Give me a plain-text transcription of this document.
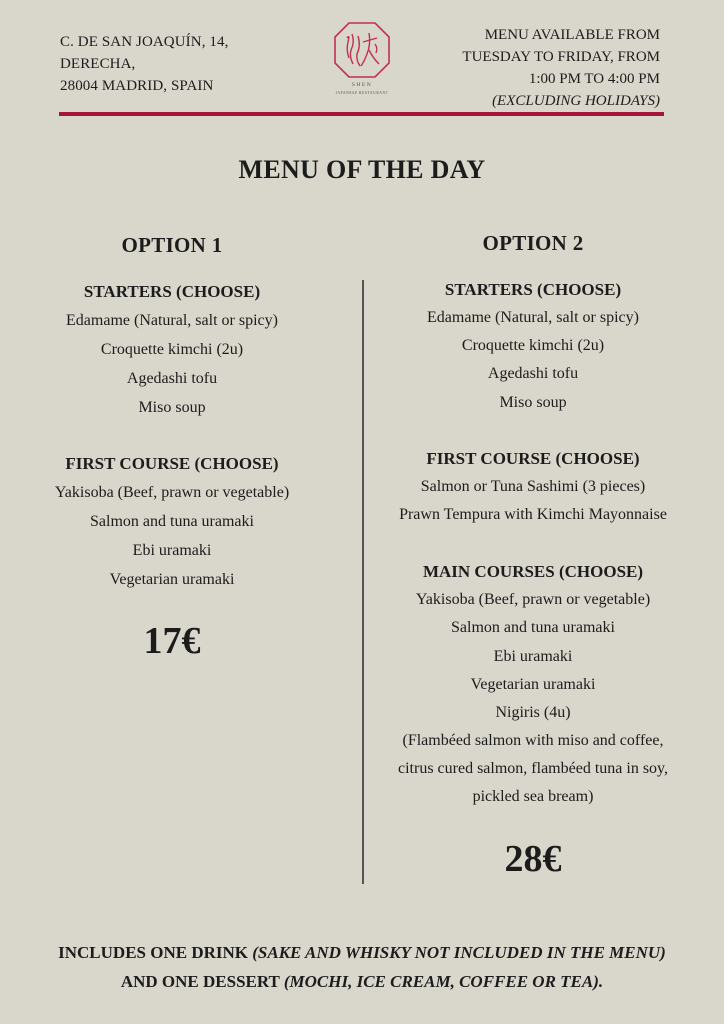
C. DE SAN JOAQUÍN, 14,
DERECHA,
28004 MADRID, SPAIN	SHEN
JAPANESE RESTAURANT
MENU AVAILABLE FROM
TUESDAY TO FRIDAY, FROM
1:00 PM TO 4:00 PM
(EXCLUDING HOLIDAYS)
MENU OF THE DAY
OPTION 1
STARTERS (CHOOSE)
Edamame (Natural, salt or spicy)
Croquette kimchi (2u)
Agedashi tofu
Miso soup
FIRST COURSE (CHOOSE)
Yakisoba (Beef, prawn or vegetable)
Salmon and tuna uramaki
Ebi uramaki
Vegetarian uramaki
17€
OPTION 2
STARTERS (CHOOSE)
Edamame (Natural, salt or spicy)
Croquette kimchi (2u)
Agedashi tofu
Miso soup
FIRST COURSE (CHOOSE)
Salmon or Tuna Sashimi (3 pieces)
Prawn Tempura with Kimchi Mayonnaise
MAIN COURSES (CHOOSE)
Yakisoba (Beef, prawn or vegetable)
Salmon and tuna uramaki
Ebi uramaki
Vegetarian uramaki
Nigiris (4u)
(Flambéed salmon with miso and coffee,
citrus cured salmon, flambéed tuna in soy,
pickled sea bream)
28€
INCLUDES ONE DRINK (SAKE AND WHISKY NOT INCLUDED IN THE MENU) AND ONE DESSERT (MOCHI, ICE CREAM, COFFEE OR TEA).
